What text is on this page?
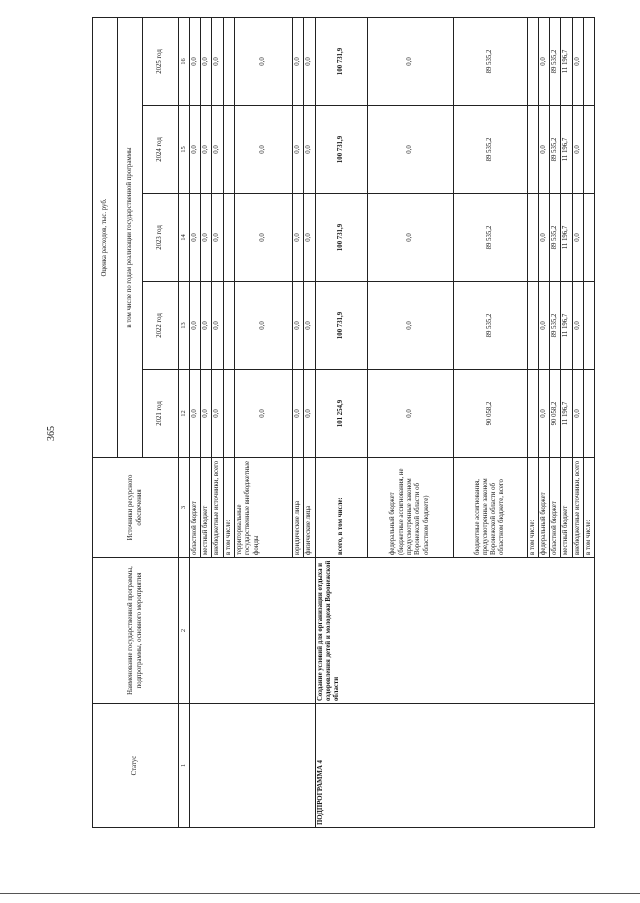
365
Статус	Наименование государственной программы, подпрограммы, основного мероприятия	Источники ресурсного обеспечения	Оценка расходов, тыс. руб.				
			в том числе по годам реализации государственной программы				
			2021 год	2022 год	2023 год	2024 год	2025 год
1	2	3	12	13	14	15	16
		областной бюджет	0,0	0,0	0,0	0,0	0,0
		местный бюджет	0,0	0,0	0,0	0,0	0,0
		внебюджетные источники, всего	0,0	0,0	0,0	0,0	0,0
		в том числе:					
		территориальные государственные внебюджетные фонды	0,0	0,0	0,0	0,0	0,0
		юридические лица	0,0	0,0	0,0	0,0	0,0
		физические лица	0,0	0,0	0,0	0,0	0,0
ПОДПРОГРАММА 4	Создание условий для организации отдыха и оздоровления детей и молодежи Воронежской области	всего, в том числе:	101 254,9	100 731,9	100 731,9	100 731,9	100 731,9
		федеральный бюджет (бюджетные ассигнования, не предусмотренные законом Воронежской области об областном бюджете)	0,0	0,0	0,0	0,0	0,0
		бюджетные ассигнования, предусмотренные законом Воронежской области об областном бюджете, всего	90 058,2	89 535,2	89 535,2	89 535,2	89 535,2
		в том числе:					
		федеральный бюджет	0,0	0,0	0,0	0,0	0,0
		областной бюджет	90 058,2	89 535,2	89 535,2	89 535,2	89 535,2
		местный бюджет	11 196,7	11 196,7	11 196,7	11 196,7	11 196,7
		внебюджетные источники, всего	0,0	0,0	0,0	0,0	0,0
		в том числе:					
